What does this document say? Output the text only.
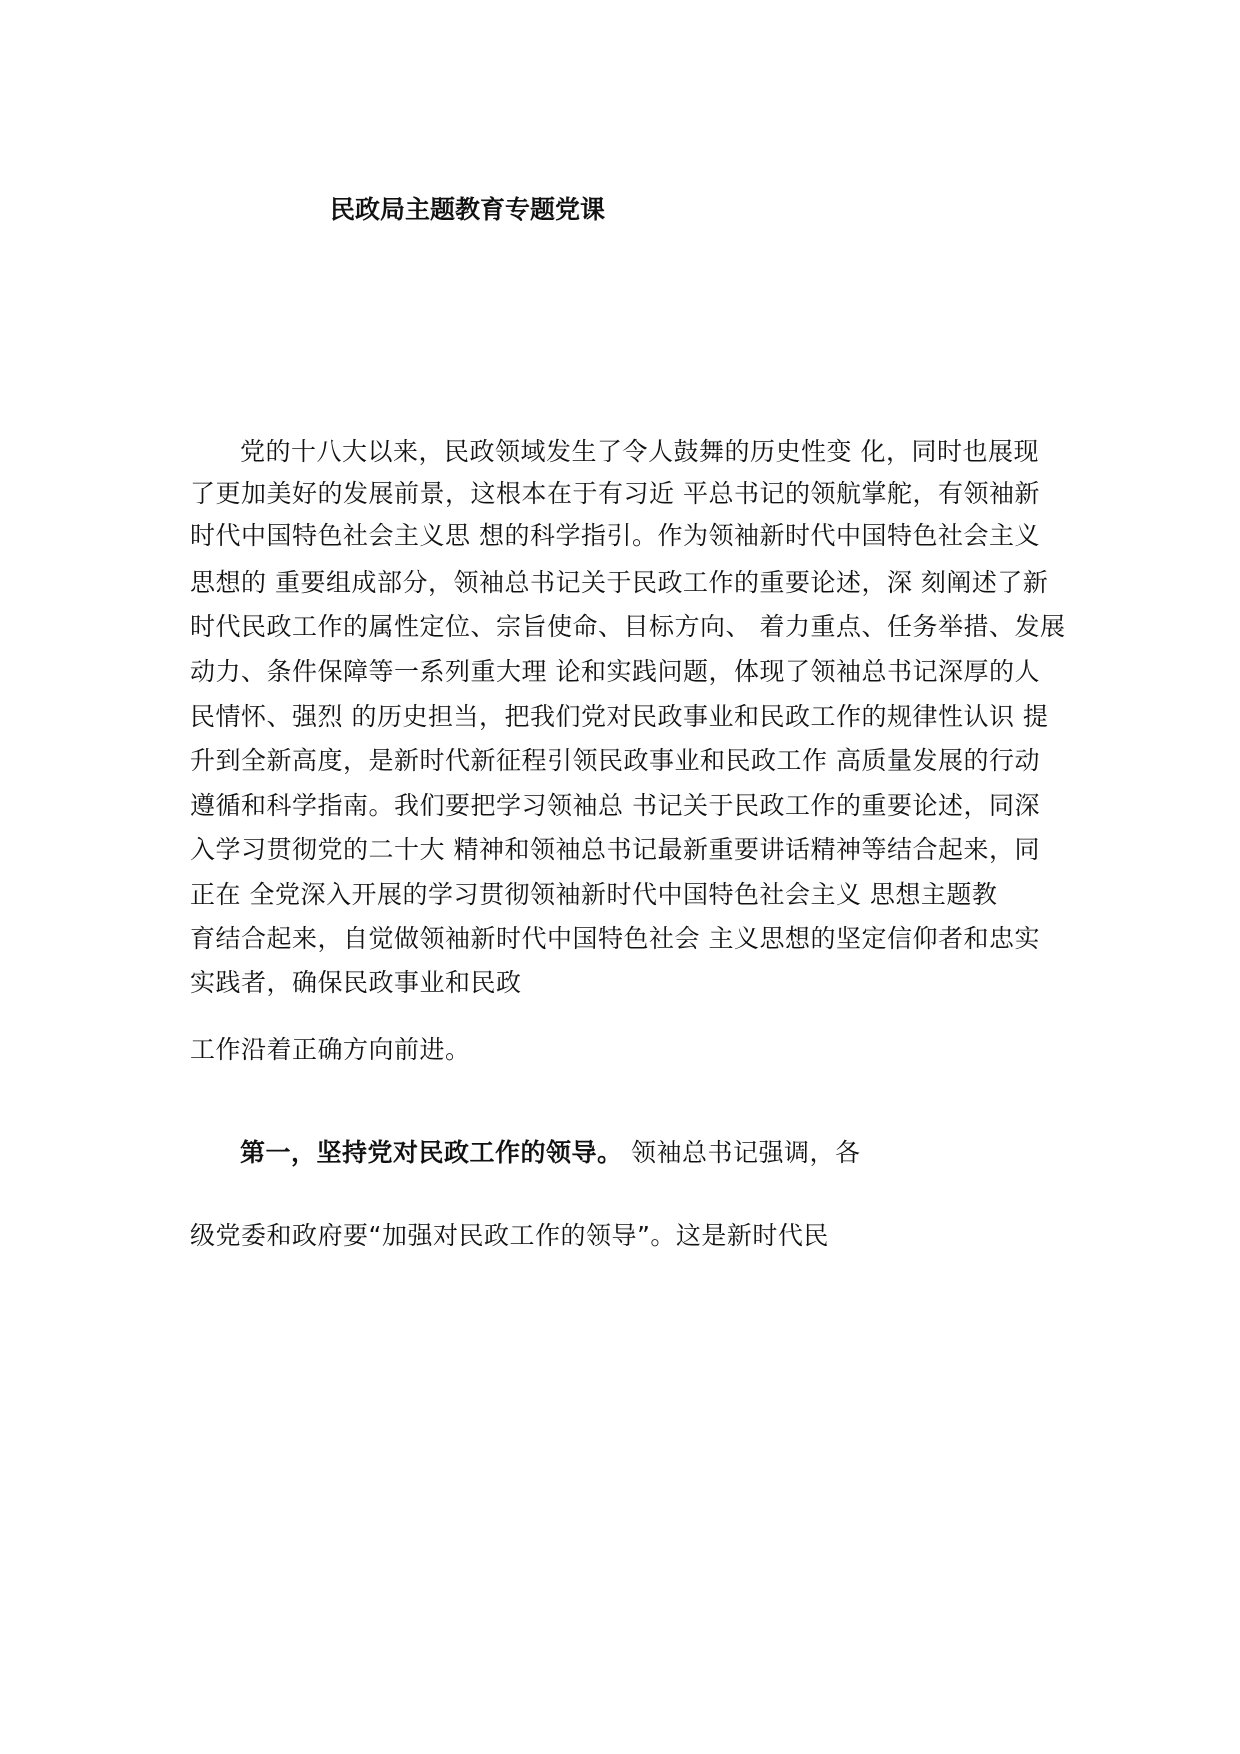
民政局主题教育专题党课
党的十八大以来，民政领域发生了令人鼓舞的历史性变 化，同时也展现
了更加美好的发展前景，这根本在于有习近 平总书记的领航掌舵，有领袖新
时代中国特色社会主义思 想的科学指引。作为领袖新时代中国特色社会主义
思想的 重要组成部分，领袖总书记关于民政工作的重要论述，深 刻阐述了新
时代民政工作的属性定位、宗旨使命、目标方向、 着力重点、任务举措、发展
动力、条件保障等一系列重大理 论和实践问题，体现了领袖总书记深厚的人
民情怀、强烈 的历史担当，把我们党对民政事业和民政工作的规律性认识 提
升到全新高度，是新时代新征程引领民政事业和民政工作 高质量发展的行动
遵循和科学指南。我们要把学习领袖总 书记关于民政工作的重要论述，同深
入学习贯彻党的二十大 精神和领袖总书记最新重要讲话精神等结合起来，同
正在 全党深入开展的学习贯彻领袖新时代中国特色社会主义 思想主题教
育结合起来，自觉做领袖新时代中国特色社会 主义思想的坚定信仰者和忠实
实践者，确保民政事业和民政
工作沿着正确方向前进。
第一，坚持党对民政工作的领导。 领袖总书记强调，各
级党委和政府要“加强对民政工作的领导”。这是新时代民
